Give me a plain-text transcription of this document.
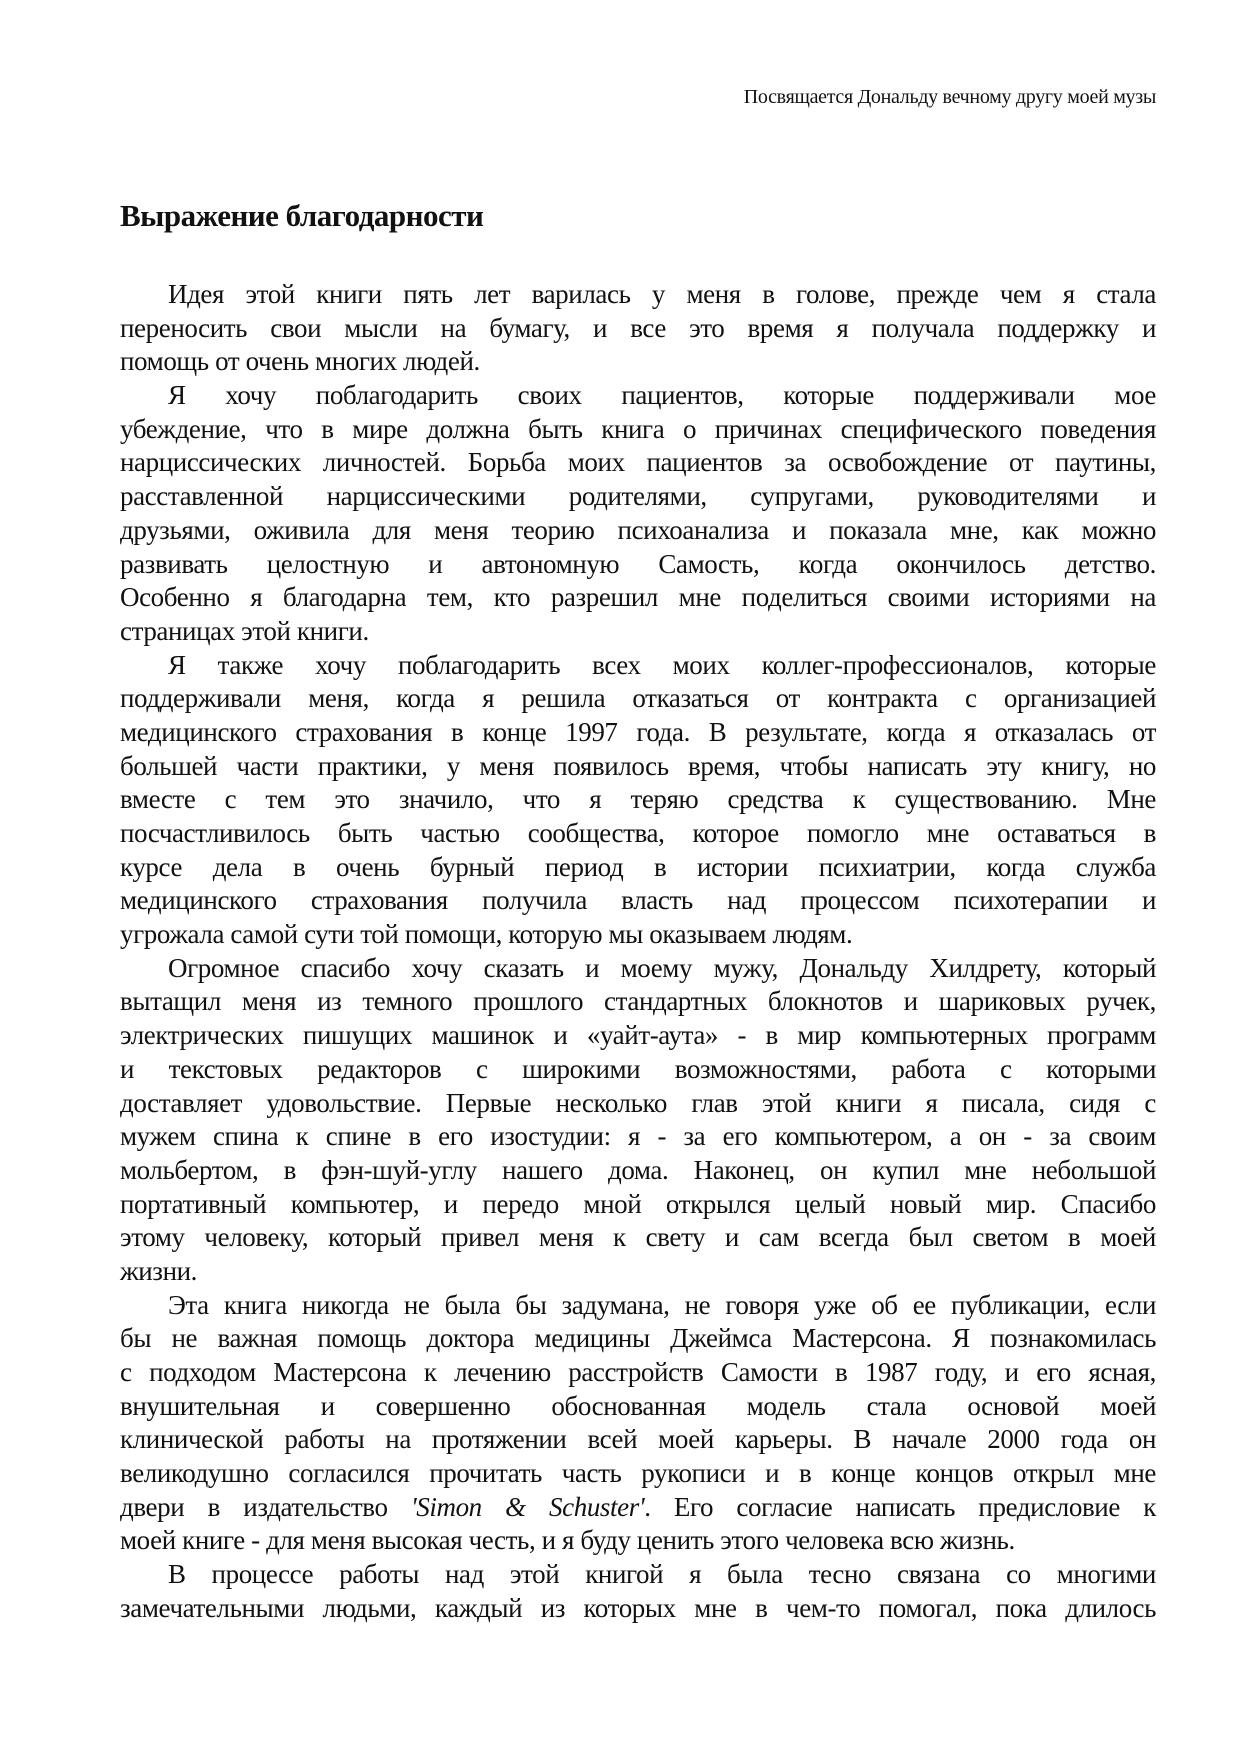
Посвящается Дональду вечному другу моей музы
Выражение благодарности
Идея этой книги пять лет варилась у меня в голове, прежде чем я стала
переносить свои мысли на бумагу, и все это время я получала поддержку и
помощь от очень многих людей.
Я хочу поблагодарить своих пациентов, которые поддерживали мое
убеждение, что в мире должна быть книга о причинах специфического поведения
нарциссических личностей. Борьба моих пациентов за освобождение от паутины,
расставленной нарциссическими родителями, супругами, руководителями и
друзьями, оживила для меня теорию психоанализа и показала мне, как можно
развивать целостную и автономную Самость, когда окончилось детство.
Особенно я благодарна тем, кто разрешил мне поделиться своими историями на
страницах этой книги.
Я также хочу поблагодарить всех моих коллег-профессионалов, которые
поддерживали меня, когда я решила отказаться от контракта с организацией
медицинского страхования в конце 1997 года. В результате, когда я отказалась от
большей части практики, у меня появилось время, чтобы написать эту книгу, но
вместе с тем это значило, что я теряю средства к существованию. Мне
посчастливилось быть частью сообщества, которое помогло мне оставаться в
курсе дела в очень бурный период в истории психиатрии, когда служба
медицинского страхования получила власть над процессом психотерапии и
угрожала самой сути той помощи, которую мы оказываем людям.
Огромное спасибо хочу сказать и моему мужу, Дональду Хилдрету, который
вытащил меня из темного прошлого стандартных блокнотов и шариковых ручек,
электрических пишущих машинок и «уайт-аута» - в мир компьютерных программ
и текстовых редакторов с широкими возможностями, работа с которыми
доставляет удовольствие. Первые несколько глав этой книги я писала, сидя с
мужем спина к спине в его изостудии: я - за его компьютером, а он - за своим
мольбертом, в фэн-шуй-углу нашего дома. Наконец, он купил мне небольшой
портативный компьютер, и передо мной открылся целый новый мир. Спасибо
этому человеку, который привел меня к свету и сам всегда был светом в моей
жизни.
Эта книга никогда не была бы задумана, не говоря уже об ее публикации, если
бы не важная помощь доктора медицины Джеймса Мастерсона. Я познакомилась
с подходом Мастерсона к лечению расстройств Самости в 1987 году, и его ясная,
внушительная и совершенно обоснованная модель стала основой моей
клинической работы на протяжении всей моей карьеры. В начале 2000 года он
великодушно согласился прочитать часть рукописи и в конце концов открыл мне
двери в издательство 'Simon & Schuster'. Его согласие написать предисловие к
моей книге - для меня высокая честь, и я буду ценить этого человека всю жизнь.
В процессе работы над этой книгой я была тесно связана со многими
замечательными людьми, каждый из которых мне в чем-то помогал, пока длилось
